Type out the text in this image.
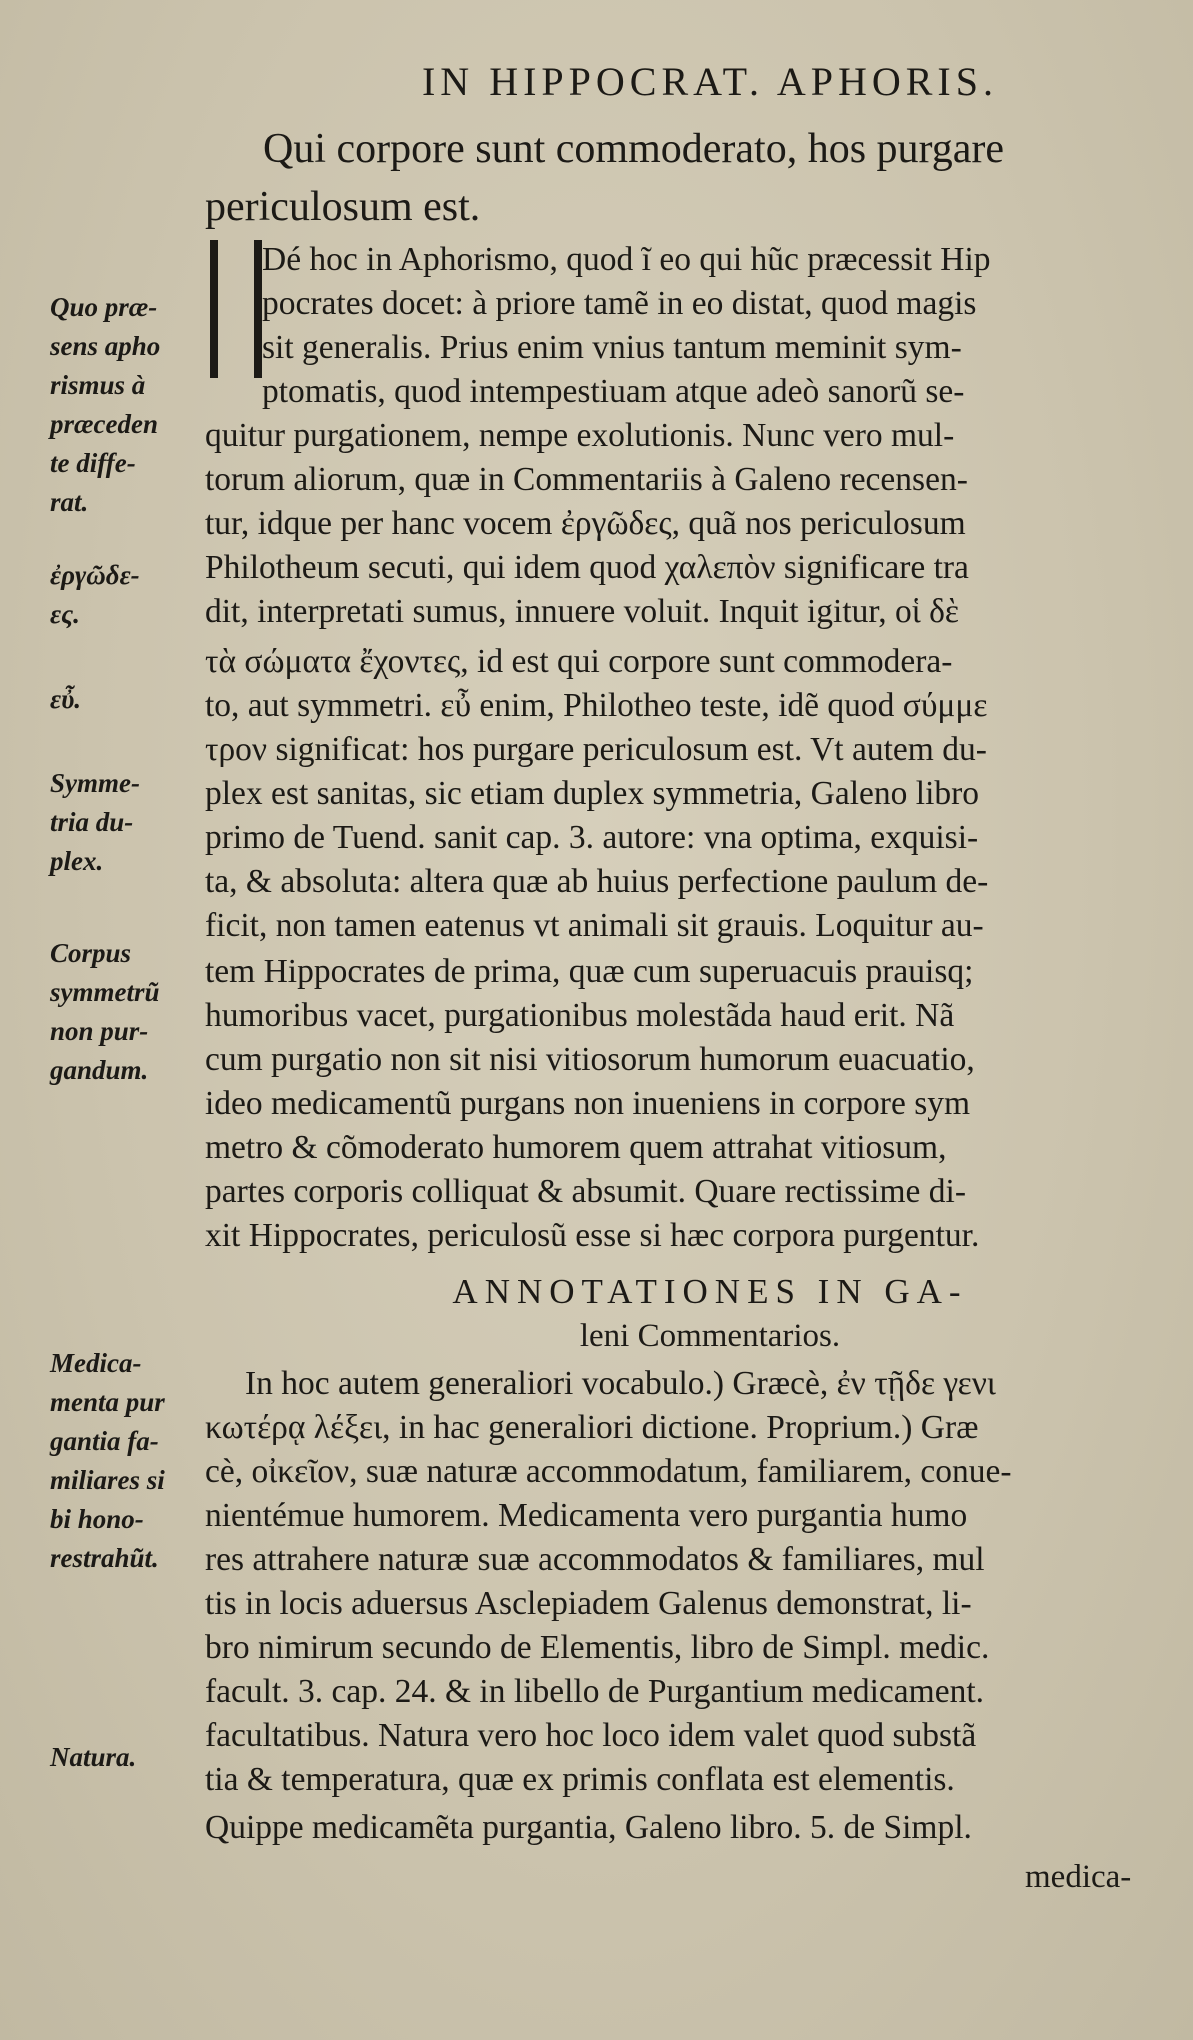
IN HIPPOCRAT. APHORIS.
Qui corpore sunt commoderato, hos purgare
periculosum est.
Dé hoc in Aphorismo, quod ĩ eo qui hũc præcessit Hip
pocrates docet: à priore tamẽ in eo distat, quod magis
sit generalis. Prius enim vnius tantum meminit sym-
ptomatis, quod intempestiuam atque adeò sanorũ se-
quitur purgationem, nempe exolutionis. Nunc vero mul-
torum aliorum, quæ in Commentariis à Galeno recensen-
tur, idque per hanc vocem ἐργῶδες, quã nos periculosum
Philotheum secuti, qui idem quod χαλεπὸν significare tra
dit, interpretati sumus, innuere voluit. Inquit igitur, οἱ δὲ
τὰ σώματα ἔχοντες, id est qui corpore sunt commodera-
to, aut symmetri. εὖ enim, Philotheo teste, idẽ quod σύμμε
τρον significat: hos purgare periculosum est. Vt autem du-
plex est sanitas, sic etiam duplex symmetria, Galeno libro
primo de Tuend. sanit cap. 3. autore: vna optima, exquisi-
ta, & absoluta: altera quæ ab huius perfectione paulum de-
ficit, non tamen eatenus vt animali sit grauis. Loquitur au-
tem Hippocrates de prima, quæ cum superuacuis prauisq;
humoribus vacet, purgationibus molestãda haud erit. Nã
cum purgatio non sit nisi vitiosorum humorum euacuatio,
ideo medicamentũ purgans non inueniens in corpore sym
metro & cõmoderato humorem quem attrahat vitiosum,
partes corporis colliquat & absumit. Quare rectissime di-
xit Hippocrates, periculosũ esse si hæc corpora purgentur.
ANNOTATIONES IN GA-
leni Commentarios.
In hoc autem generaliori vocabulo.) Græcè, ἐν τῇδε γενι
κωτέρᾳ λέξει, in hac generaliori dictione. Proprium.) Græ
cè, οἰκεῖον, suæ naturæ accommodatum, familiarem, conue-
nientémue humorem. Medicamenta vero purgantia humo
res attrahere naturæ suæ accommodatos & familiares, mul
tis in locis aduersus Asclepiadem Galenus demonstrat, li-
bro nimirum secundo de Elementis, libro de Simpl. medic.
facult. 3. cap. 24. & in libello de Purgantium medicament.
facultatibus. Natura vero hoc loco idem valet quod substã
tia & temperatura, quæ ex primis conflata est elementis.
Quippe medicamẽta purgantia, Galeno libro. 5. de Simpl.
medica-
Quo præ-
sens apho
rismus à
præceden
te diffe-
rat.
ἐργῶδε-
ες.
εὖ.
Symme-
tria du-
plex.
Corpus
symmetrũ
non pur-
gandum.
Medica-
menta pur
gantia fa-
miliares si
bi hono-
restrahũt.
Natura.
